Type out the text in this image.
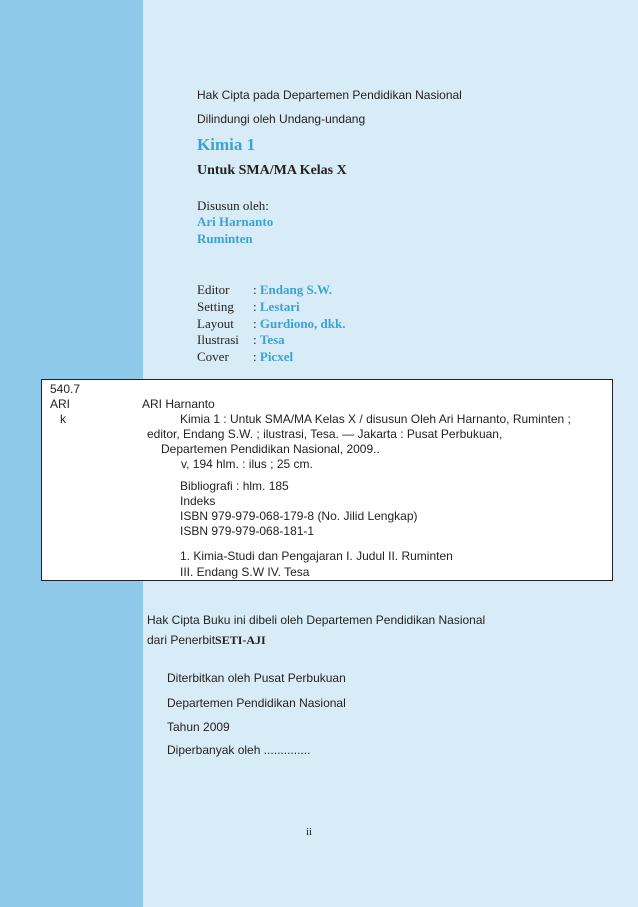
Hak Cipta pada Departemen Pendidikan Nasional
Dilindungi oleh Undang-undang
Kimia 1
Untuk SMA/MA Kelas X
Disusun oleh:
Ari Harnanto
Ruminten
Editor : Endang S.W.
Setting : Lestari
Layout : Gurdiono, dkk.
Ilustrasi : Tesa
Cover : Picxel
540.7
ARI
k
ARI Harnanto
Kimia 1 : Untuk SMA/MA Kelas X / disusun Oleh Ari Harnanto, Ruminten ;
editor, Endang S.W. ; ilustrasi, Tesa. — Jakarta : Pusat Perbukuan,
Departemen Pendidikan Nasional, 2009..
v, 194 hlm. : ilus ; 25 cm.
Bibliografi : hlm. 185
Indeks
ISBN 979-979-068-179-8 (No. Jilid Lengkap)
ISBN 979-979-068-181-1
1. Kimia-Studi dan Pengajaran I. Judul II. Ruminten
III. Endang S.W IV. Tesa
Hak Cipta Buku ini dibeli oleh Departemen Pendidikan Nasional
dari PenerbitSETI-AJI
Diterbitkan oleh Pusat Perbukuan
Departemen Pendidikan Nasional
Tahun 2009
Diperbanyak oleh ..............
ii
